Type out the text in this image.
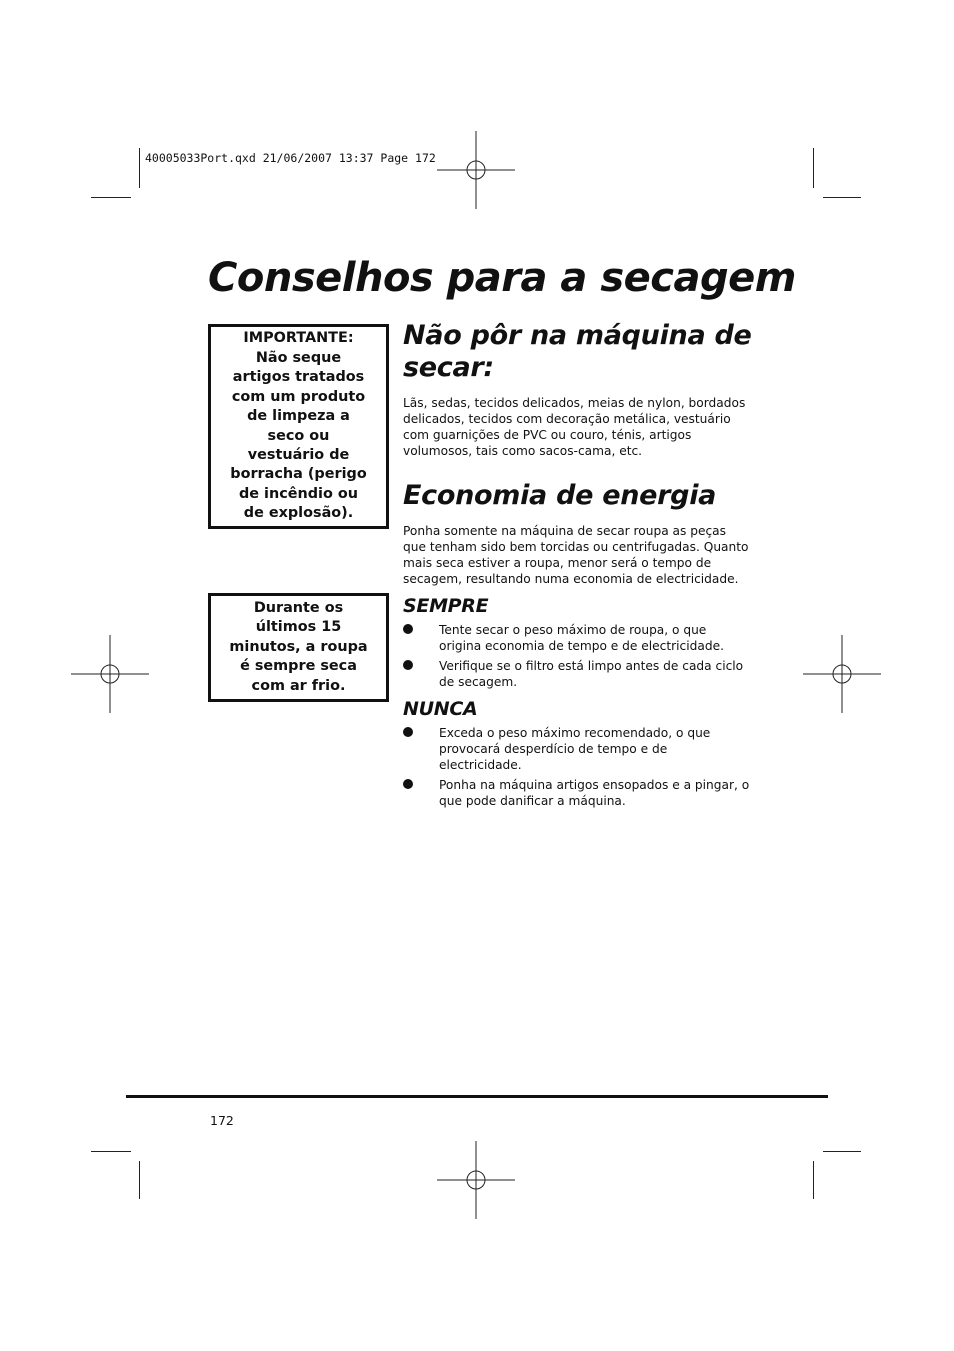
40005033Port.qxd 21/06/2007 13:37 Page 172
Conselhos para a secagem
IMPORTANTE: Não seque artigos tratados com um produto de limpeza a seco ou vestuário de borracha (perigo de incêndio ou de explosão).
Durante os últimos 15 minutos, a roupa é sempre seca com ar frio.
Não pôr na máquina de
secar:

Lãs, sedas, tecidos delicados, meias de nylon, bordados delicados, tecidos com decoração metálica, vestuário com guarnições de PVC ou couro, ténis, artigos volumosos, tais como sacos-cama, etc.

Economia de energia

Ponha somente na máquina de secar roupa as peças que tenham sido bem torcidas ou centrifugadas. Quanto mais seca estiver a roupa, menor será o tempo de secagem, resultando numa economia de electricidade.

SEMPRE
Tente secar o peso máximo de roupa, o que origina economia de tempo e de electricidade.
Verifique se o filtro está limpo antes de cada ciclo de secagem.
NUNCA
Exceda o peso máximo recomendado, o que provocará desperdício de tempo e de electricidade.
Ponha na máquina artigos ensopados e a pingar, o que pode danificar a máquina.
172
